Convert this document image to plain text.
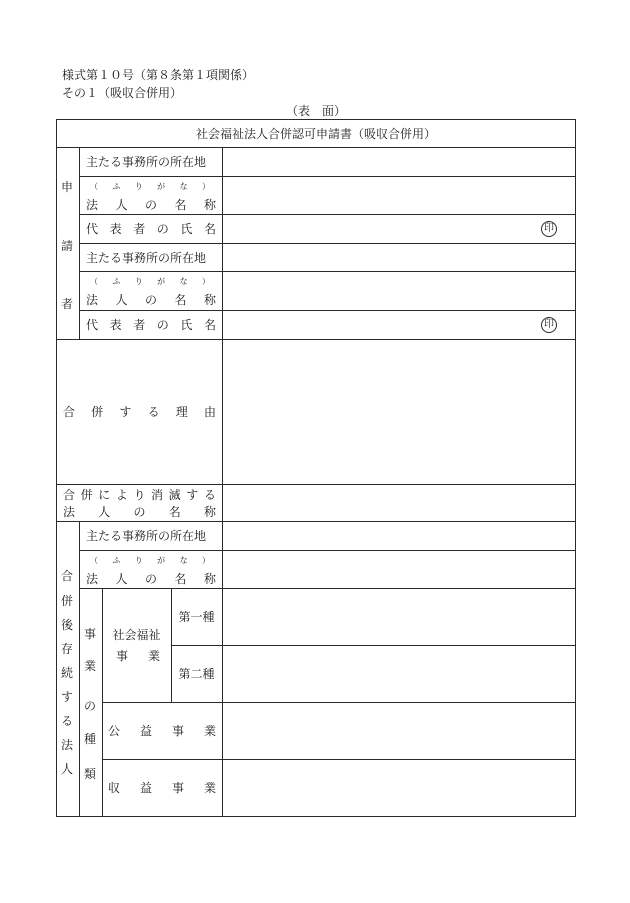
様式第１０号（第８条第１項関係）
その１（吸収合併用）
（表　面）
社会福祉法人合併認可申請書（吸収合併用）
申
請
者
主たる事務所の所在地
（ ふ り が な ）
法 人 の 名 称
代 表 者 の 氏 名	印
主たる事務所の所在地
（ ふ り が な ）
法 人 の 名 称
代 表 者 の 氏 名	印
合 併 す る 理 由
合 併 に よ り 消 滅 す る
法 人 の 名 称
合
併
後
存
続
す
る
法
人
主たる事務所の所在地
（ ふ り が な ）
法 人 の 名 称
事
業
の
種
類
社会福祉
事 業
第一種
第二種
公 益 事 業
収 益 事 業
